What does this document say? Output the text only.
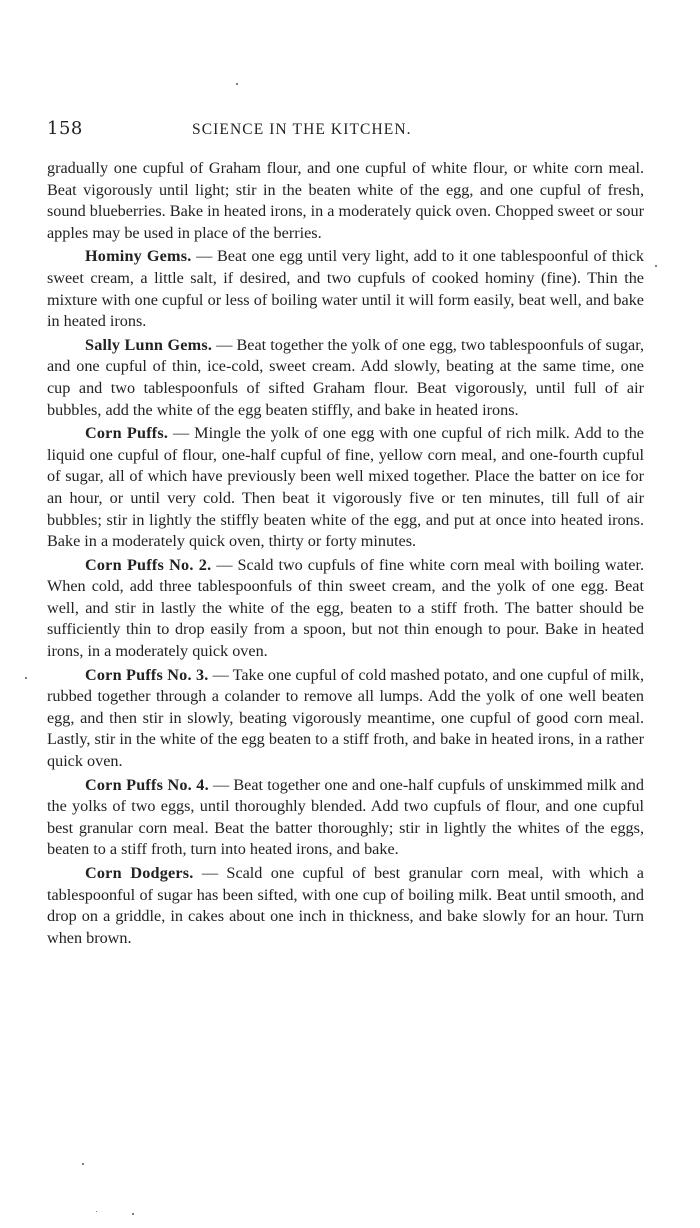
158	SCIENCE IN THE KITCHEN.

gradually one cupful of Graham flour, and one cupful of white flour, or white corn meal. Beat vigorously until light; stir in the beaten white of the egg, and one cupful of fresh, sound blueberries. Bake in heated irons, in a moderately quick oven. Chopped sweet or sour apples may be used in place of the berries.

Hominy Gems. — Beat one egg until very light, add to it one tablespoonful of thick sweet cream, a little salt, if desired, and two cupfuls of cooked hominy (fine). Thin the mixture with one cupful or less of boiling water until it will form easily, beat well, and bake in heated irons.

Sally Lunn Gems. — Beat together the yolk of one egg, two tablespoonfuls of sugar, and one cupful of thin, ice-cold, sweet cream. Add slowly, beating at the same time, one cup and two tablespoonfuls of sifted Graham flour. Beat vigorously, until full of air bubbles, add the white of the egg beaten stiffly, and bake in heated irons.

Corn Puffs. — Mingle the yolk of one egg with one cupful of rich milk. Add to the liquid one cupful of flour, one-half cupful of fine, yellow corn meal, and one-fourth cupful of sugar, all of which have previously been well mixed together. Place the batter on ice for an hour, or until very cold. Then beat it vigorously five or ten minutes, till full of air bubbles; stir in lightly the stiffly beaten white of the egg, and put at once into heated irons. Bake in a moderately quick oven, thirty or forty minutes.

Corn Puffs No. 2. — Scald two cupfuls of fine white corn meal with boiling water. When cold, add three tablespoonfuls of thin sweet cream, and the yolk of one egg. Beat well, and stir in lastly the white of the egg, beaten to a stiff froth. The batter should be sufficiently thin to drop easily from a spoon, but not thin enough to pour. Bake in heated irons, in a moderately quick oven.

Corn Puffs No. 3. — Take one cupful of cold mashed potato, and one cupful of milk, rubbed together through a colander to remove all lumps. Add the yolk of one well beaten egg, and then stir in slowly, beating vigorously meantime, one cupful of good corn meal. Lastly, stir in the white of the egg beaten to a stiff froth, and bake in heated irons, in a rather quick oven.

Corn Puffs No. 4. — Beat together one and one-half cupfuls of unskimmed milk and the yolks of two eggs, until thoroughly blended. Add two cupfuls of flour, and one cupful best granular corn meal. Beat the batter thoroughly; stir in lightly the whites of the eggs, beaten to a stiff froth, turn into heated irons, and bake.

Corn Dodgers. — Scald one cupful of best granular corn meal, with which a tablespoonful of sugar has been sifted, with one cup of boiling milk. Beat until smooth, and drop on a griddle, in cakes about one inch in thickness, and bake slowly for an hour. Turn when brown.
